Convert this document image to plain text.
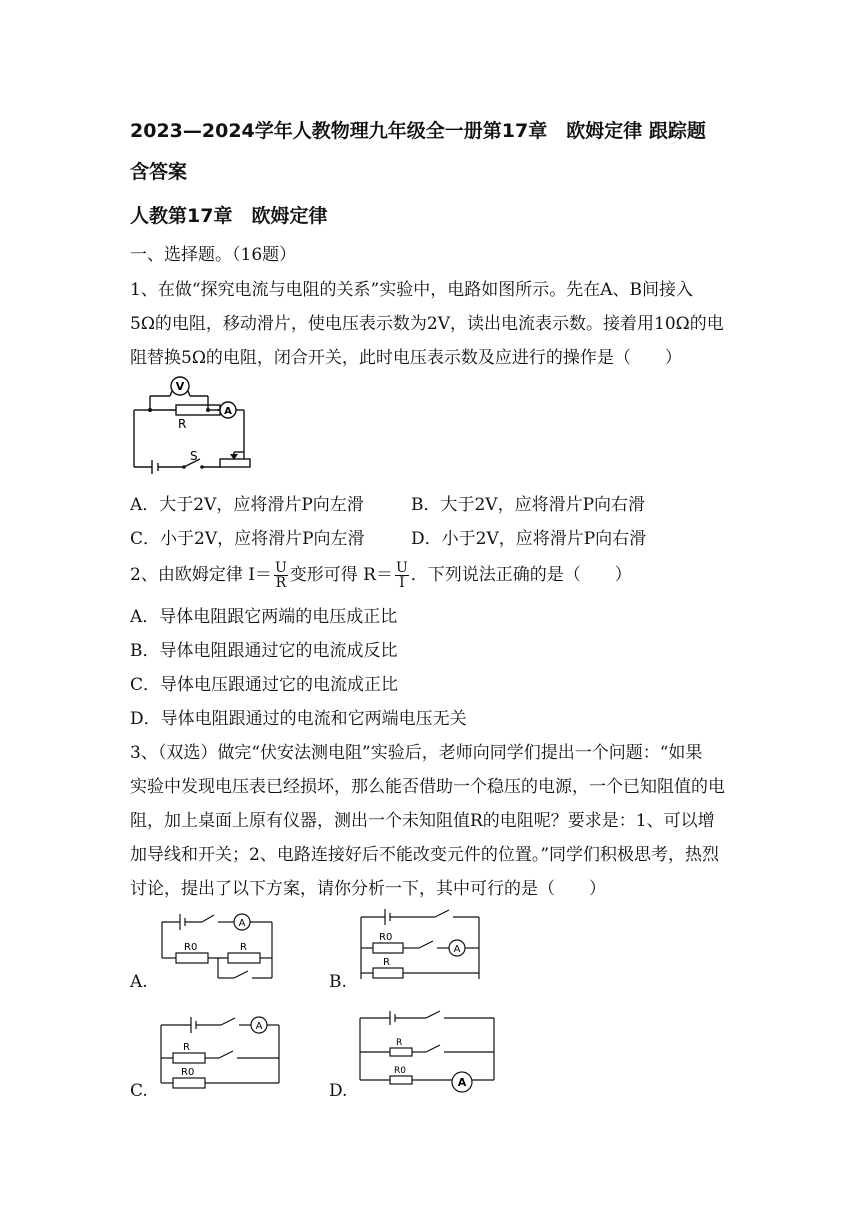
2023—2024学年人教物理九年级全一册第17章　欧姆定律 跟踪题
含答案
人教第17章　欧姆定律
一、选择题。（16题）
1、在做“探究电流与电阻的关系”实验中，电路如图所示。先在A、B间接入
5Ω的电阻，移动滑片，使电压表示数为2V，读出电流表示数。接着用10Ω的电
阻替换5Ω的电阻，闭合开关，此时电压表示数及应进行的操作是（　　）
V
A
R
S
A．大于2V，应将滑片P向左滑	B．大于2V，应将滑片P向右滑
C．小于2V，应将滑片P向左滑	D．小于2V，应将滑片P向右滑
2、由欧姆定律 $I= \frac{U}{R}$ 变形可得 $R= \frac{U}{I}$ ．下列说法正确的是（　　）
A．导体电阻跟它两端的电压成正比
B．导体电阻跟通过它的电流成反比
C．导体电压跟通过它的电流成正比
D．导体电阻跟通过的电流和它两端电压无关
3、（双选）做完“伏安法测电阻”实验后，老师向同学们提出一个问题：“如果
实验中发现电压表已经损坏，那么能否借助一个稳压的电源，一个已知阻值的电
阻，加上桌面上原有仪器，测出一个未知阻值R的电阻呢？要求是：1、可以增
加导线和开关；2、电路连接好后不能改变元件的位置。”同学们积极思考，热烈
讨论，提出了以下方案，请你分析一下，其中可行的是（　　）
A.
A
R0	R
B.
A
R0
R
C.
A
R
R0
D.	A
R
R0
